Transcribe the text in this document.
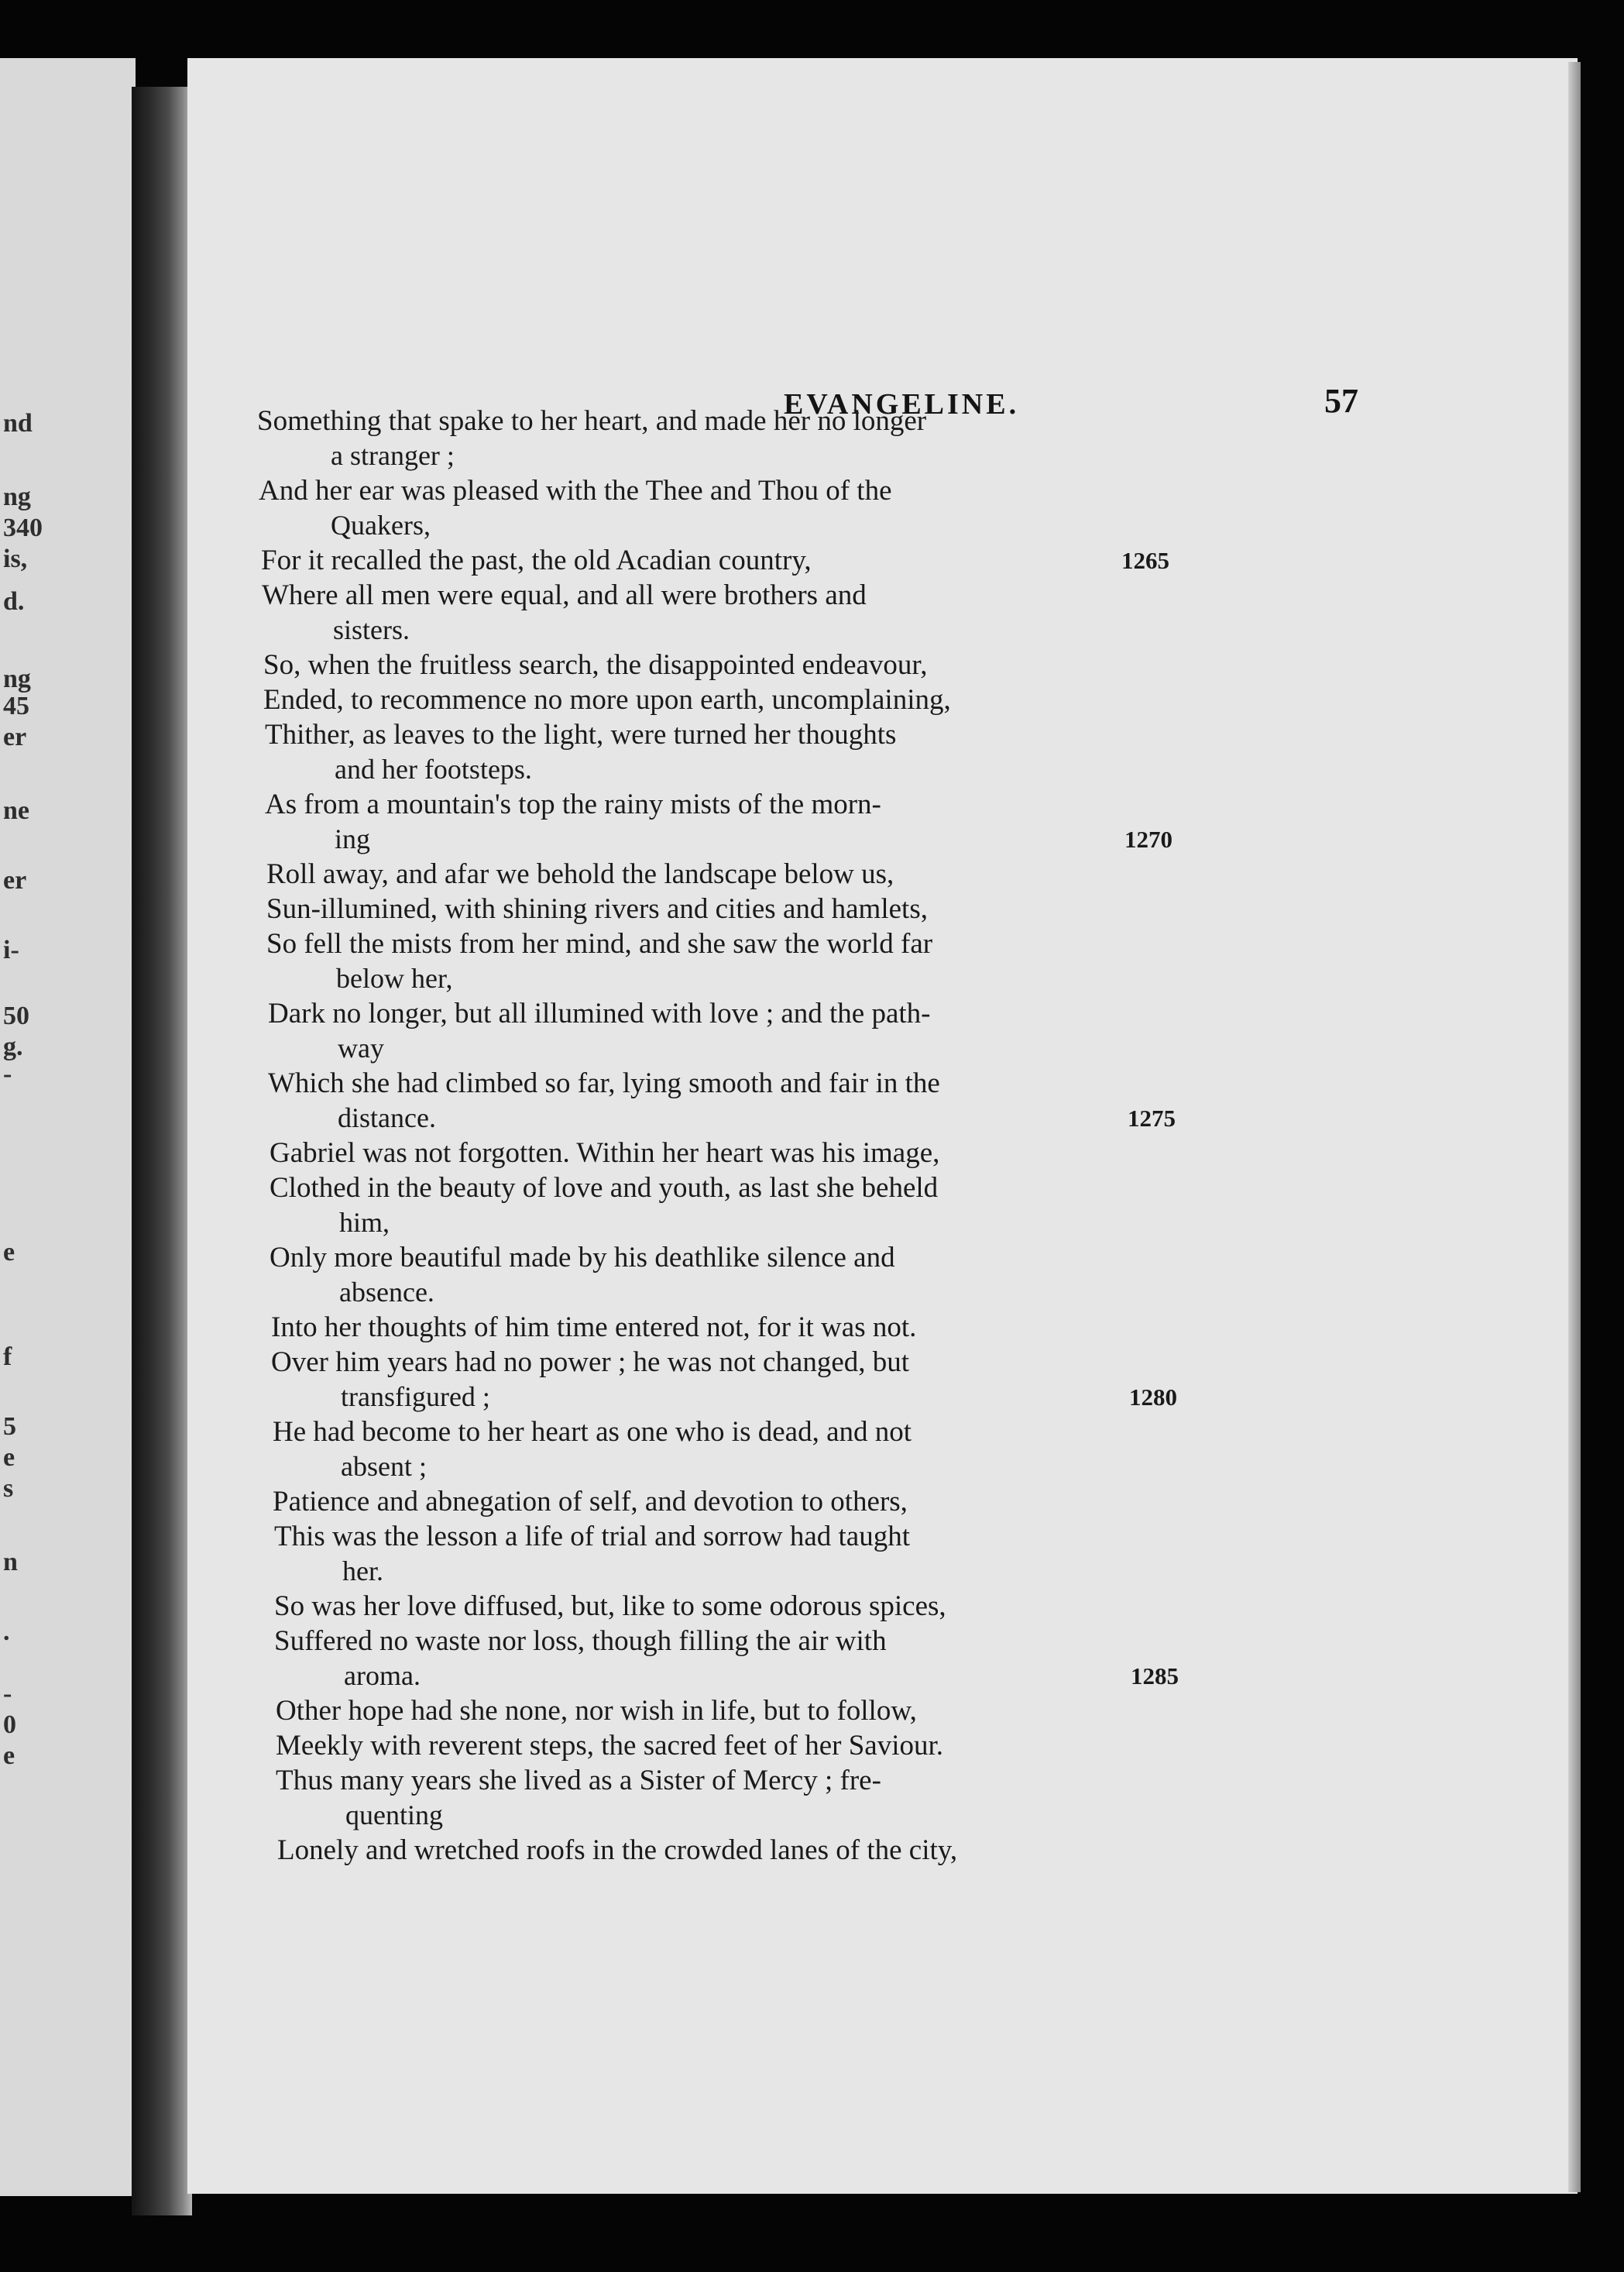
nd
ng
340
is,
d.
ng
45
er
ne
er
i-
50
g.
-
e
f
5
e
s
n
.
-
0
e
EVANGELINE.	57
Something that spake to her heart, and made her no longer
a stranger ;
And her ear was pleased with the Thee and Thou of the
Quakers,
For it recalled the past, the old Acadian country,
Where all men were equal, and all were brothers and
sisters.
So, when the fruitless search, the disappointed endeavour,
Ended, to recommence no more upon earth, uncomplaining,
Thither, as leaves to the light, were turned her thoughts
and her footsteps.
As from a mountain's top the rainy mists of the morn-
ing
Roll away, and afar we behold the landscape below us,
Sun-illumined, with shining rivers and cities and hamlets,
So fell the mists from her mind, and she saw the world far
below her,
Dark no longer, but all illumined with love ; and the path-
way
Which she had climbed so far, lying smooth and fair in the
distance.
Gabriel was not forgotten. Within her heart was his image,
Clothed in the beauty of love and youth, as last she beheld
him,
Only more beautiful made by his deathlike silence and
absence.
Into her thoughts of him time entered not, for it was not.
Over him years had no power ; he was not changed, but
transfigured ;
He had become to her heart as one who is dead, and not
absent ;
Patience and abnegation of self, and devotion to others,
This was the lesson a life of trial and sorrow had taught
her.
So was her love diffused, but, like to some odorous spices,
Suffered no waste nor loss, though filling the air with
aroma.
Other hope had she none, nor wish in life, but to follow,
Meekly with reverent steps, the sacred feet of her Saviour.
Thus many years she lived as a Sister of Mercy ; fre-
quenting
Lonely and wretched roofs in the crowded lanes of the city,
1265
1270
1275
1280
1285
